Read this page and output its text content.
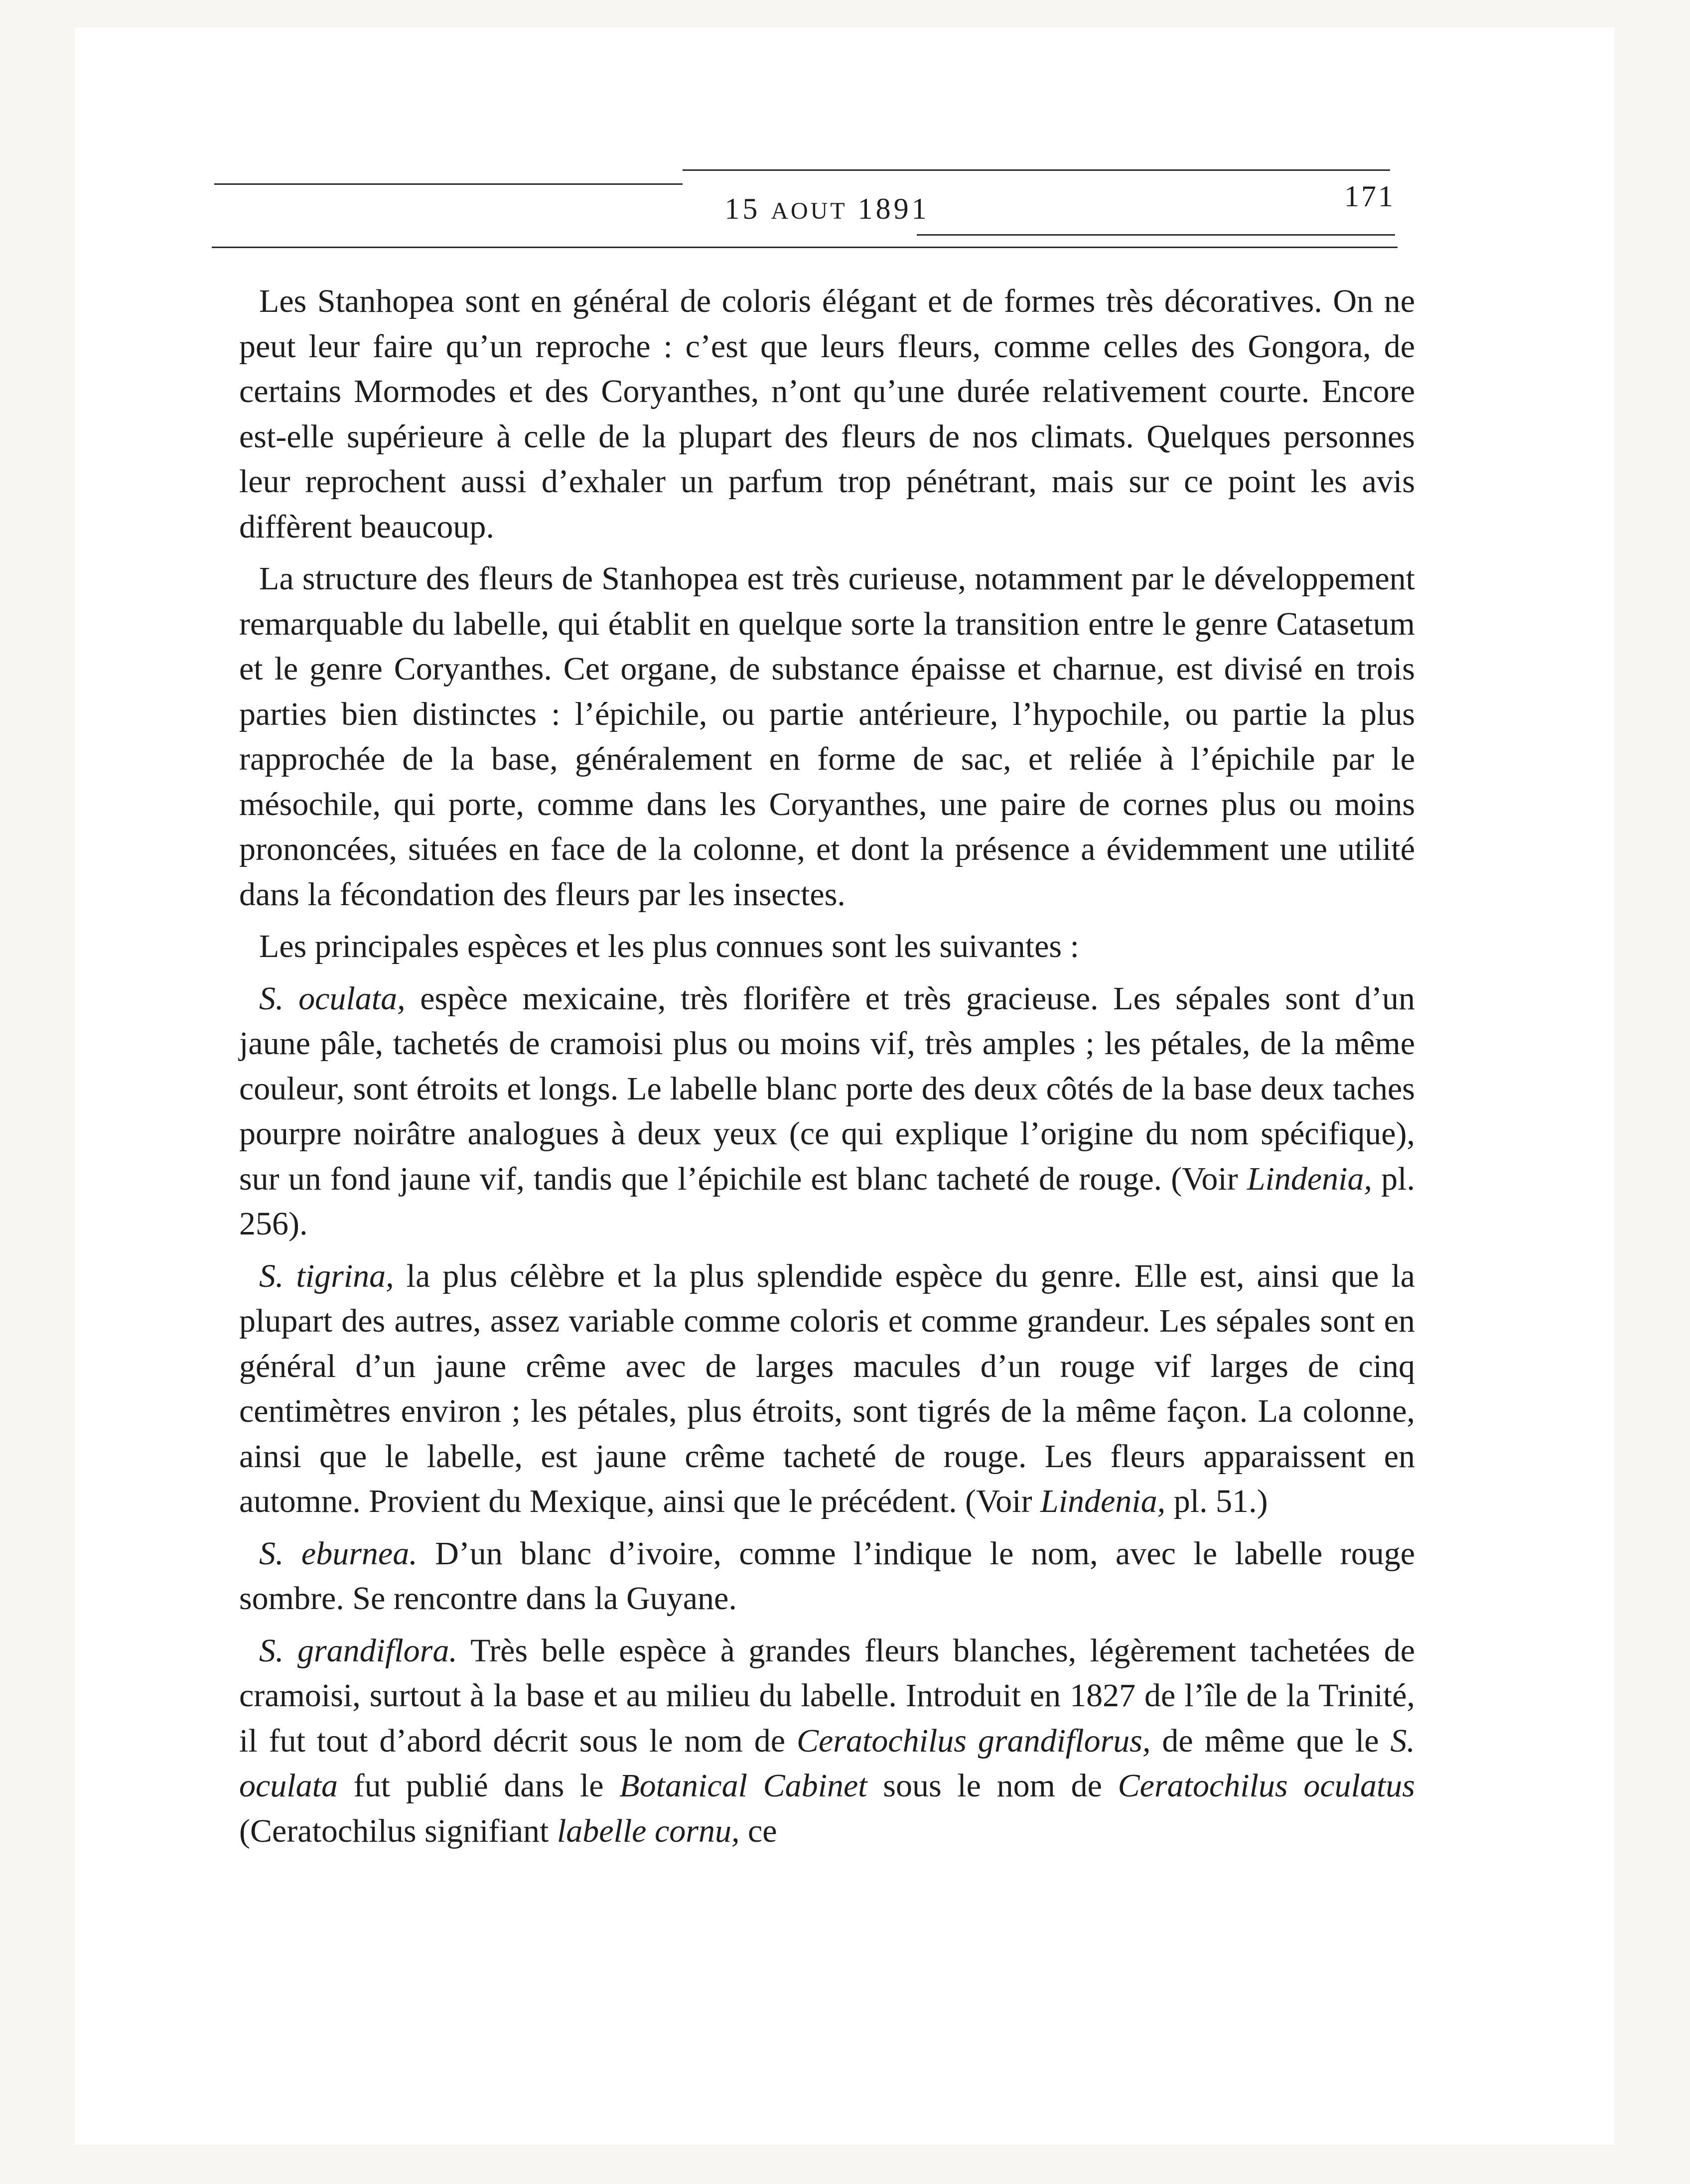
15 AOUT 1891	171

Les Stanhopea sont en général de coloris élégant et de formes très décoratives. On ne peut leur faire qu’un reproche : c’est que leurs fleurs, comme celles des Gongora, de certains Mormodes et des Coryanthes, n’ont qu’une durée relativement courte. Encore est-elle supérieure à celle de la plupart des fleurs de nos climats. Quelques personnes leur reprochent aussi d’exhaler un parfum trop pénétrant, mais sur ce point les avis diffèrent beaucoup.

La structure des fleurs de Stanhopea est très curieuse, notamment par le développement remarquable du labelle, qui établit en quelque sorte la transition entre le genre Catasetum et le genre Coryanthes. Cet organe, de substance épaisse et charnue, est divisé en trois parties bien distinctes : l’épichile, ou partie antérieure, l’hypochile, ou partie la plus rapprochée de la base, généralement en forme de sac, et reliée à l’épichile par le mésochile, qui porte, comme dans les Coryanthes, une paire de cornes plus ou moins prononcées, situées en face de la colonne, et dont la présence a évidemment une utilité dans la fécondation des fleurs par les insectes.

Les principales espèces et les plus connues sont les suivantes :

S. oculata, espèce mexicaine, très florifère et très gracieuse. Les sépales sont d’un jaune pâle, tachetés de cramoisi plus ou moins vif, très amples ; les pétales, de la même couleur, sont étroits et longs. Le labelle blanc porte des deux côtés de la base deux taches pourpre noirâtre analogues à deux yeux (ce qui explique l’origine du nom spécifique), sur un fond jaune vif, tandis que l’épichile est blanc tacheté de rouge. (Voir Lindenia, pl. 256).

S. tigrina, la plus célèbre et la plus splendide espèce du genre. Elle est, ainsi que la plupart des autres, assez variable comme coloris et comme grandeur. Les sépales sont en général d’un jaune crême avec de larges macules d’un rouge vif larges de cinq centimètres environ ; les pétales, plus étroits, sont tigrés de la même façon. La colonne, ainsi que le labelle, est jaune crême tacheté de rouge. Les fleurs apparaissent en automne. Provient du Mexique, ainsi que le précédent. (Voir Lindenia, pl. 51.)

S. eburnea. D’un blanc d’ivoire, comme l’indique le nom, avec le labelle rouge sombre. Se rencontre dans la Guyane.

S. grandiflora. Très belle espèce à grandes fleurs blanches, légèrement tachetées de cramoisi, surtout à la base et au milieu du labelle. Introduit en 1827 de l’île de la Trinité, il fut tout d’abord décrit sous le nom de Ceratochilus grandiflorus, de même que le S. oculata fut publié dans le Botanical Cabinet sous le nom de Ceratochilus oculatus (Ceratochilus signifiant labelle cornu, ce
